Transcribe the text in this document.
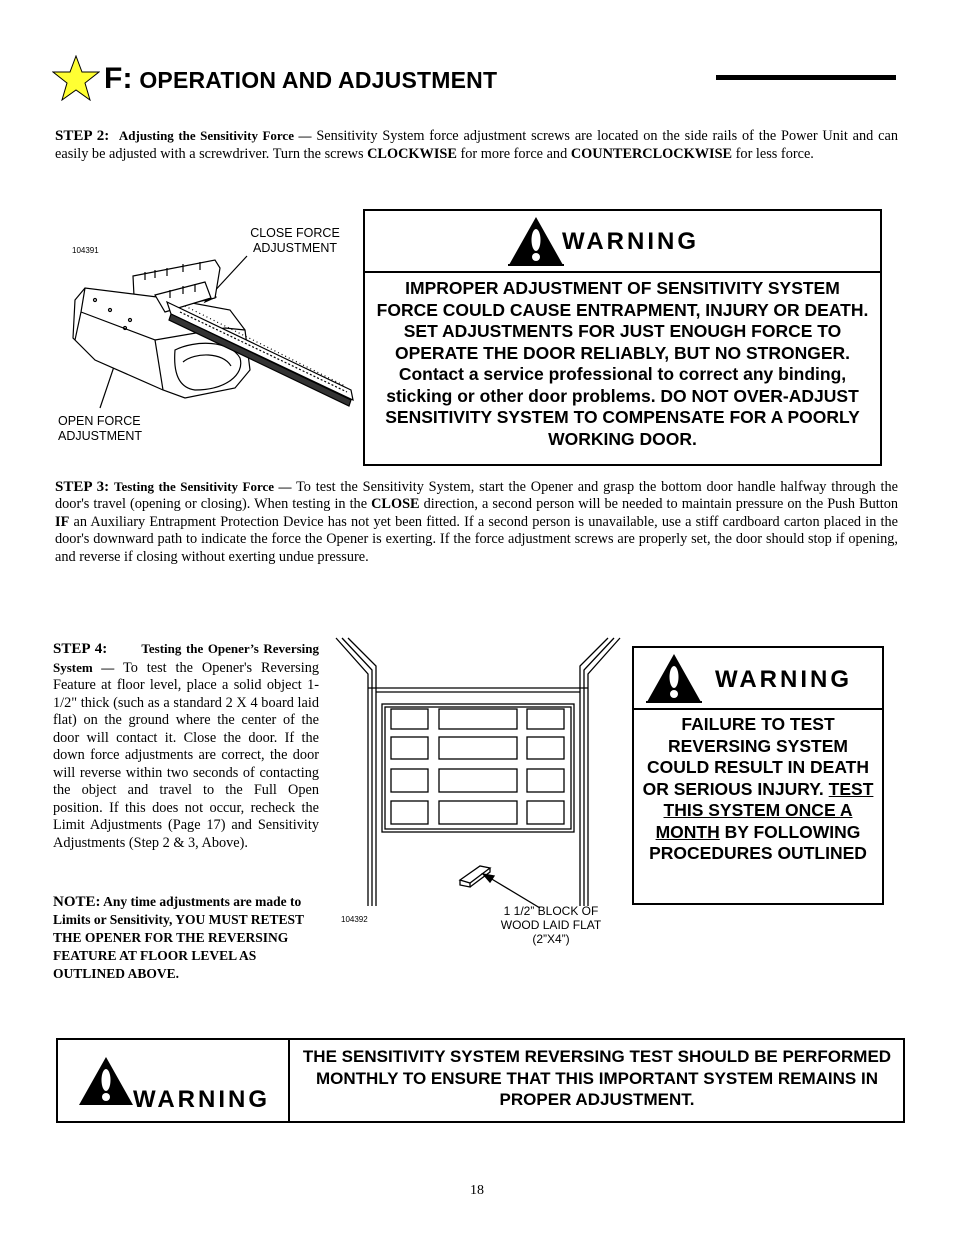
F: OPERATION AND ADJUSTMENT
STEP 2: Adjusting the Sensitivity Force — Sensitivity System force adjustment screws are located on the side rails of the Power Unit and can easily be adjusted with a screwdriver. Turn the screws CLOCKWISE for more force and COUNTERCLOCKWISE for less force.
104391
CLOSE FORCE ADJUSTMENT
OPEN FORCE ADJUSTMENT
WARNING
IMPROPER ADJUSTMENT OF SENSITIVITY SYSTEM FORCE COULD CAUSE ENTRAPMENT, INJURY OR DEATH. SET ADJUSTMENTS FOR JUST ENOUGH FORCE TO OPERATE THE DOOR RELIABLY, BUT NO STRONGER. Contact a service professional to correct any binding, sticking or other door problems. DO NOT OVER-ADJUST SENSITIVITY SYSTEM TO COMPENSATE FOR A POORLY WORKING DOOR.
STEP 3: Testing the Sensitivity Force — To test the Sensitivity System, start the Opener and grasp the bottom door handle halfway through the door's travel (opening or closing). When testing in the CLOSE direction, a second person will be needed to maintain pressure on the Push Button IF an Auxiliary Entrapment Protection Device has not yet been fitted. If a second person is unavailable, use a stiff cardboard carton placed in the door's downward path to indicate the force the Opener is exerting. If the force adjustment screws are properly set, the door should stop if opening, and reverse if closing without exerting undue pressure.
STEP 4:	Testing the Opener’s Reversing System — To test the Opener's Reversing Feature at floor level, place a solid object 1-1/2" thick (such as a standard 2 X 4 board laid flat) on the ground where the center of the door will contact it. Close the door. If the down force adjustments are correct, the door will reverse within two seconds of contacting the object and travel to the Full Open position. If this does not occur, recheck the Limit Adjustments (Page 17) and Sensitivity Adjustments (Step 2 & 3, Above).
NOTE: Any time adjustments are made to Limits or Sensitivity, YOU MUST RETEST THE OPENER FOR THE REVERSING FEATURE AT FLOOR LEVEL AS OUTLINED ABOVE.
104392
1 1/2” BLOCK OF WOOD LAID FLAT (2”X4”)
WARNING
FAILURE TO TEST REVERSING SYSTEM COULD RESULT IN DEATH OR SERIOUS INJURY. TEST THIS SYSTEM ONCE A MONTH BY FOLLOWING PROCEDURES OUTLINED
WARNING
THE SENSITIVITY SYSTEM REVERSING TEST SHOULD BE PERFORMED MONTHLY TO ENSURE THAT THIS IMPORTANT SYSTEM REMAINS IN PROPER ADJUSTMENT.
18
